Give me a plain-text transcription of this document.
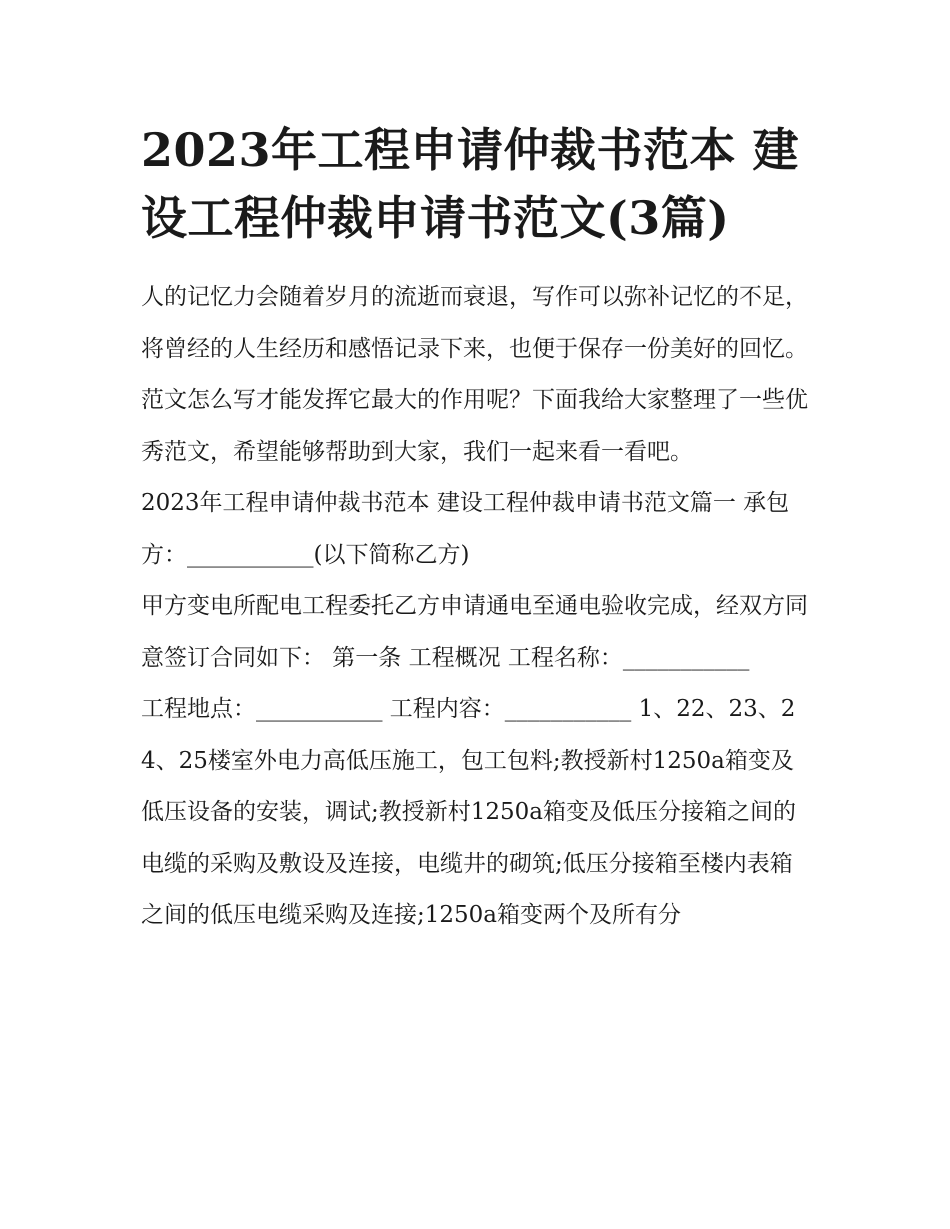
2023年工程申请仲裁书范本 建设工程仲裁申请书范文(3篇)

人的记忆力会随着岁月的流逝而衰退，写作可以弥补记忆的不足，将曾经的人生经历和感悟记录下来，也便于保存一份美好的回忆。范文怎么写才能发挥它最大的作用呢？下面我给大家整理了一些优秀范文，希望能够帮助到大家，我们一起来看一看吧。

2023年工程申请仲裁书范本 建设工程仲裁申请书范文篇一 承包方：___________(以下简称乙方)

甲方变电所配电工程委托乙方申请通电至通电验收完成，经双方同意签订合同如下： 第一条 工程概况 工程名称：___________

工程地点：___________ 工程内容：___________ 1、22、23、24、25楼室外电力高低压施工，包工包料;教授新村1250a箱变及低压设备的安装，调试;教授新村1250a箱变及低压分接箱之间的电缆的采购及敷设及连接，电缆井的砌筑;低压分接箱至楼内表箱之间的低压电缆采购及连接;1250a箱变两个及所有分
